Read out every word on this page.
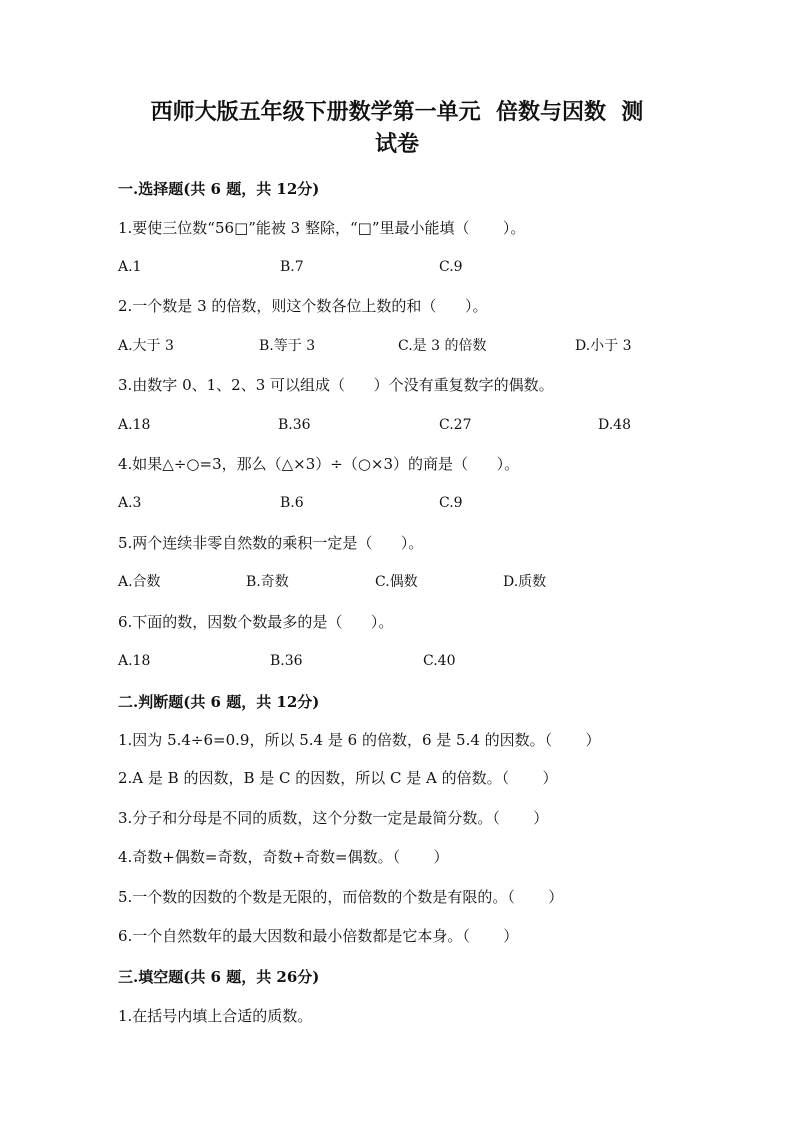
西师大版五年级下册数学第一单元  倍数与因数  测
试卷
一.选择题(共 6 题，共 12分)
1.要使三位数“56□”能被 3 整除，“□”里最小能填（       ）。
A.1	B.7	C.9
2.一个数是 3 的倍数，则这个数各位上数的和（      ）。
A.大于 3	B.等于 3	C.是 3 的倍数	D.小于 3
3.由数字 0、1、2、3 可以组成（      ）个没有重复数字的偶数。
A.18	B.36	C.27	D.48
4.如果△÷○=3，那么（△×3）÷（○×3）的商是（      ）。
A.3	B.6	C.9
5.两个连续非零自然数的乘积一定是（      ）。
A.合数	B.奇数	C.偶数	D.质数
6.下面的数，因数个数最多的是（      ）。
A.18	B.36	C.40
二.判断题(共 6 题，共 12分)
1.因为 5.4÷6=0.9，所以 5.4 是 6 的倍数，6 是 5.4 的因数。（       ）
2.A 是 B 的因数，B 是 C 的因数，所以 C 是 A 的倍数。（       ）
3.分子和分母是不同的质数，这个分数一定是最简分数。（       ）
4.奇数+偶数=奇数，奇数+奇数=偶数。（       ）
5.一个数的因数的个数是无限的，而倍数的个数是有限的。（       ）
6.一个自然数年的最大因数和最小倍数都是它本身。（       ）
三.填空题(共 6 题，共 26分)
1.在括号内填上合适的质数。
